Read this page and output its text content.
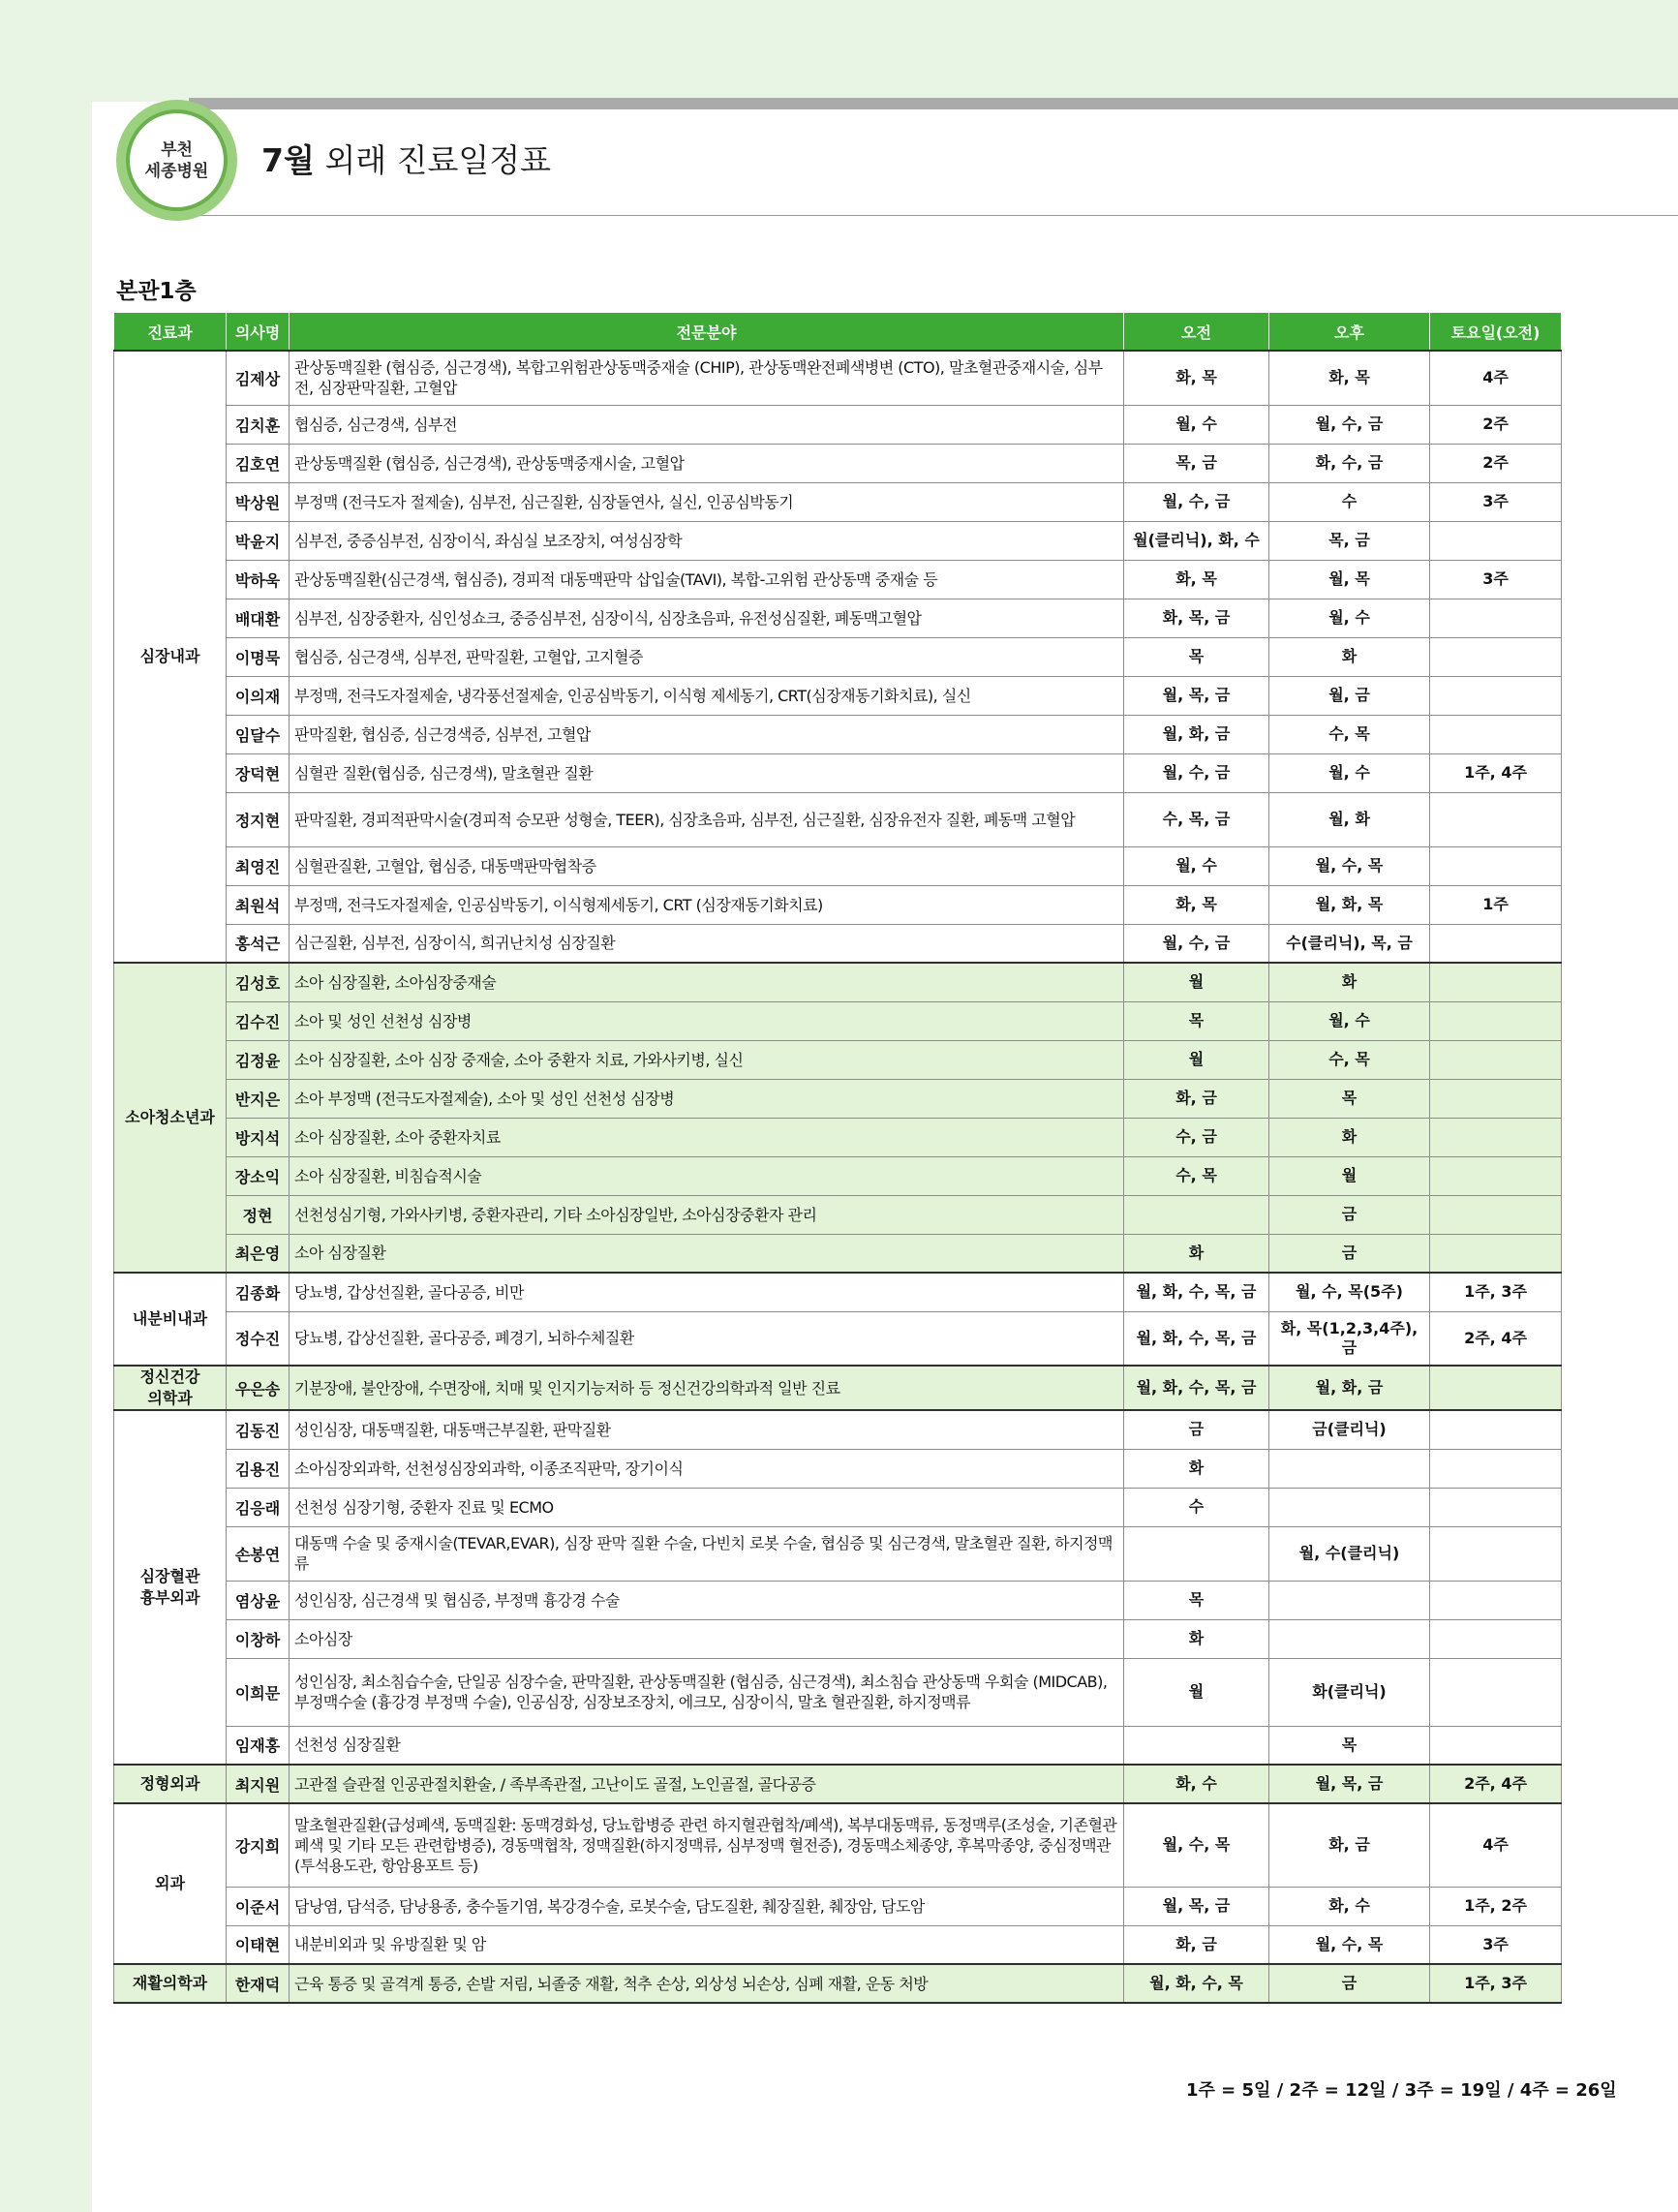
부천
세종병원 7월 외래 진료일정표
본관1층
진료과	의사명	전문분야	오전	오후	토요일(오전)
심장내과	김제상	관상동맥질환 (협심증, 심근경색), 복합고위험관상동맥중재술 (CHIP), 관상동맥완전폐색병변 (CTO), 말초혈관중재시술, 심부전, 심장판막질환, 고혈압	화, 목	화, 목	4주
	김치훈	협심증, 심근경색, 심부전	월, 수	월, 수, 금	2주
	김호연	관상동맥질환 (협심증, 심근경색), 관상동맥중재시술, 고혈압	목, 금	화, 수, 금	2주
	박상원	부정맥 (전극도자 절제술), 심부전, 심근질환, 심장돌연사, 실신, 인공심박동기	월, 수, 금	수	3주
	박윤지	심부전, 중증심부전, 심장이식, 좌심실 보조장치, 여성심장학	월(클리닉), 화, 수	목, 금	
	박하욱	관상동맥질환(심근경색, 협심증), 경피적 대동맥판막 삽입술(TAVI), 복합-고위험 관상동맥 중재술 등	화, 목	월, 목	3주
	배대환	심부전, 심장중환자, 심인성쇼크, 중증심부전, 심장이식, 심장초음파, 유전성심질환, 폐동맥고혈압	화, 목, 금	월, 수	
	이명묵	협심증, 심근경색, 심부전, 판막질환, 고혈압, 고지혈증	목	화	
	이의재	부정맥, 전극도자절제술, 냉각풍선절제술, 인공심박동기, 이식형 제세동기, CRT(심장재동기화치료), 실신	월, 목, 금	월, 금	
	임달수	판막질환, 협심증, 심근경색증, 심부전, 고혈압	월, 화, 금	수, 목	
	장덕현	심혈관 질환(협심증, 심근경색), 말초혈관 질환	월, 수, 금	월, 수	1주, 4주
	정지현	판막질환, 경피적판막시술(경피적 승모판 성형술, TEER), 심장초음파, 심부전, 심근질환, 심장유전자 질환, 폐동맥 고혈압	수, 목, 금	월, 화	
	최영진	심혈관질환, 고혈압, 협심증, 대동맥판막협착증	월, 수	월, 수, 목	
	최원석	부정맥, 전극도자절제술, 인공심박동기, 이식형제세동기, CRT (심장재동기화치료)	화, 목	월, 화, 목	1주
	홍석근	심근질환, 심부전, 심장이식, 희귀난치성 심장질환	월, 수, 금	수(클리닉), 목, 금	
소아청소년과	김성호	소아 심장질환, 소아심장중재술	월	화	
	김수진	소아 및 성인 선천성 심장병	목	월, 수	
	김정윤	소아 심장질환, 소아 심장 중재술, 소아 중환자 치료, 가와사키병, 실신	월	수, 목	
	반지은	소아 부정맥 (전극도자절제술), 소아 및 성인 선천성 심장병	화, 금	목	
	방지석	소아 심장질환, 소아 중환자치료	수, 금	화	
	장소익	소아 심장질환, 비침습적시술	수, 목	월	
	정현	선천성심기형, 가와사키병, 중환자관리, 기타 소아심장일반, 소아심장중환자 관리		금	
	최은영	소아 심장질환	화	금	
내분비내과	김종화	당뇨병, 갑상선질환, 골다공증, 비만	월, 화, 수, 목, 금	월, 수, 목(5주)	1주, 3주
	정수진	당뇨병, 갑상선질환, 골다공증, 폐경기, 뇌하수체질환	월, 화, 수, 목, 금	화, 목(1,2,3,4주), 금	2주, 4주
정신건강
의학과	우은송	기분장애, 불안장애, 수면장애, 치매 및 인지기능저하 등 정신건강의학과적 일반 진료	월, 화, 수, 목, 금	월, 화, 금	
심장혈관
흉부외과	김동진	성인심장, 대동맥질환, 대동맥근부질환, 판막질환	금	금(클리닉)	
	김용진	소아심장외과학, 선천성심장외과학, 이종조직판막, 장기이식	화		
	김응래	선천성 심장기형, 중환자 진료 및 ECMO	수		
	손봉연	대동맥 수술 및 중재시술(TEVAR,EVAR), 심장 판막 질환 수술, 다빈치 로봇 수술, 협심증 및 심근경색, 말초혈관 질환, 하지정맥류		월, 수(클리닉)	
	염상윤	성인심장, 심근경색 및 협심증, 부정맥 흉강경 수술	목		
	이창하	소아심장	화		
	이희문	성인심장, 최소침습수술, 단일공 심장수술, 판막질환, 관상동맥질환 (협심증, 심근경색), 최소침습 관상동맥 우회술 (MIDCAB), 부정맥수술 (흉강경 부정맥 수술), 인공심장, 심장보조장치, 에크모, 심장이식, 말초 혈관질환, 하지정맥류	월	화(클리닉)	
	임재홍	선천성 심장질환		목	
정형외과	최지원	고관절 슬관절 인공관절치환술, / 족부족관절, 고난이도 골절, 노인골절, 골다공증	화, 수	월, 목, 금	2주, 4주
외과	강지희	말초혈관질환(급성폐색, 동맥질환: 동맥경화성, 당뇨합병증 관련 하지혈관협착/폐색), 복부대동맥류, 동정맥루(조성술, 기존혈관폐색 및 기타 모든 관련합병증), 경동맥협착, 정맥질환(하지정맥류, 심부정맥 혈전증), 경동맥소체종양, 후복막종양, 중심정맥관(투석용도관, 항암용포트 등)	월, 수, 목	화, 금	4주
	이준서	담낭염, 담석증, 담낭용종, 충수돌기염, 복강경수술, 로봇수술, 담도질환, 췌장질환, 췌장암, 담도암	월, 목, 금	화, 수	1주, 2주
	이태현	내분비외과 및 유방질환 및 암	화, 금	월, 수, 목	3주
재활의학과	한재덕	근육 통증 및 골격계 통증, 손발 저림, 뇌졸중 재활, 척추 손상, 외상성 뇌손상, 심폐 재활, 운동 처방	월, 화, 수, 목	금	1주, 3주
1주 = 5일 / 2주 = 12일 / 3주 = 19일 / 4주 = 26일
